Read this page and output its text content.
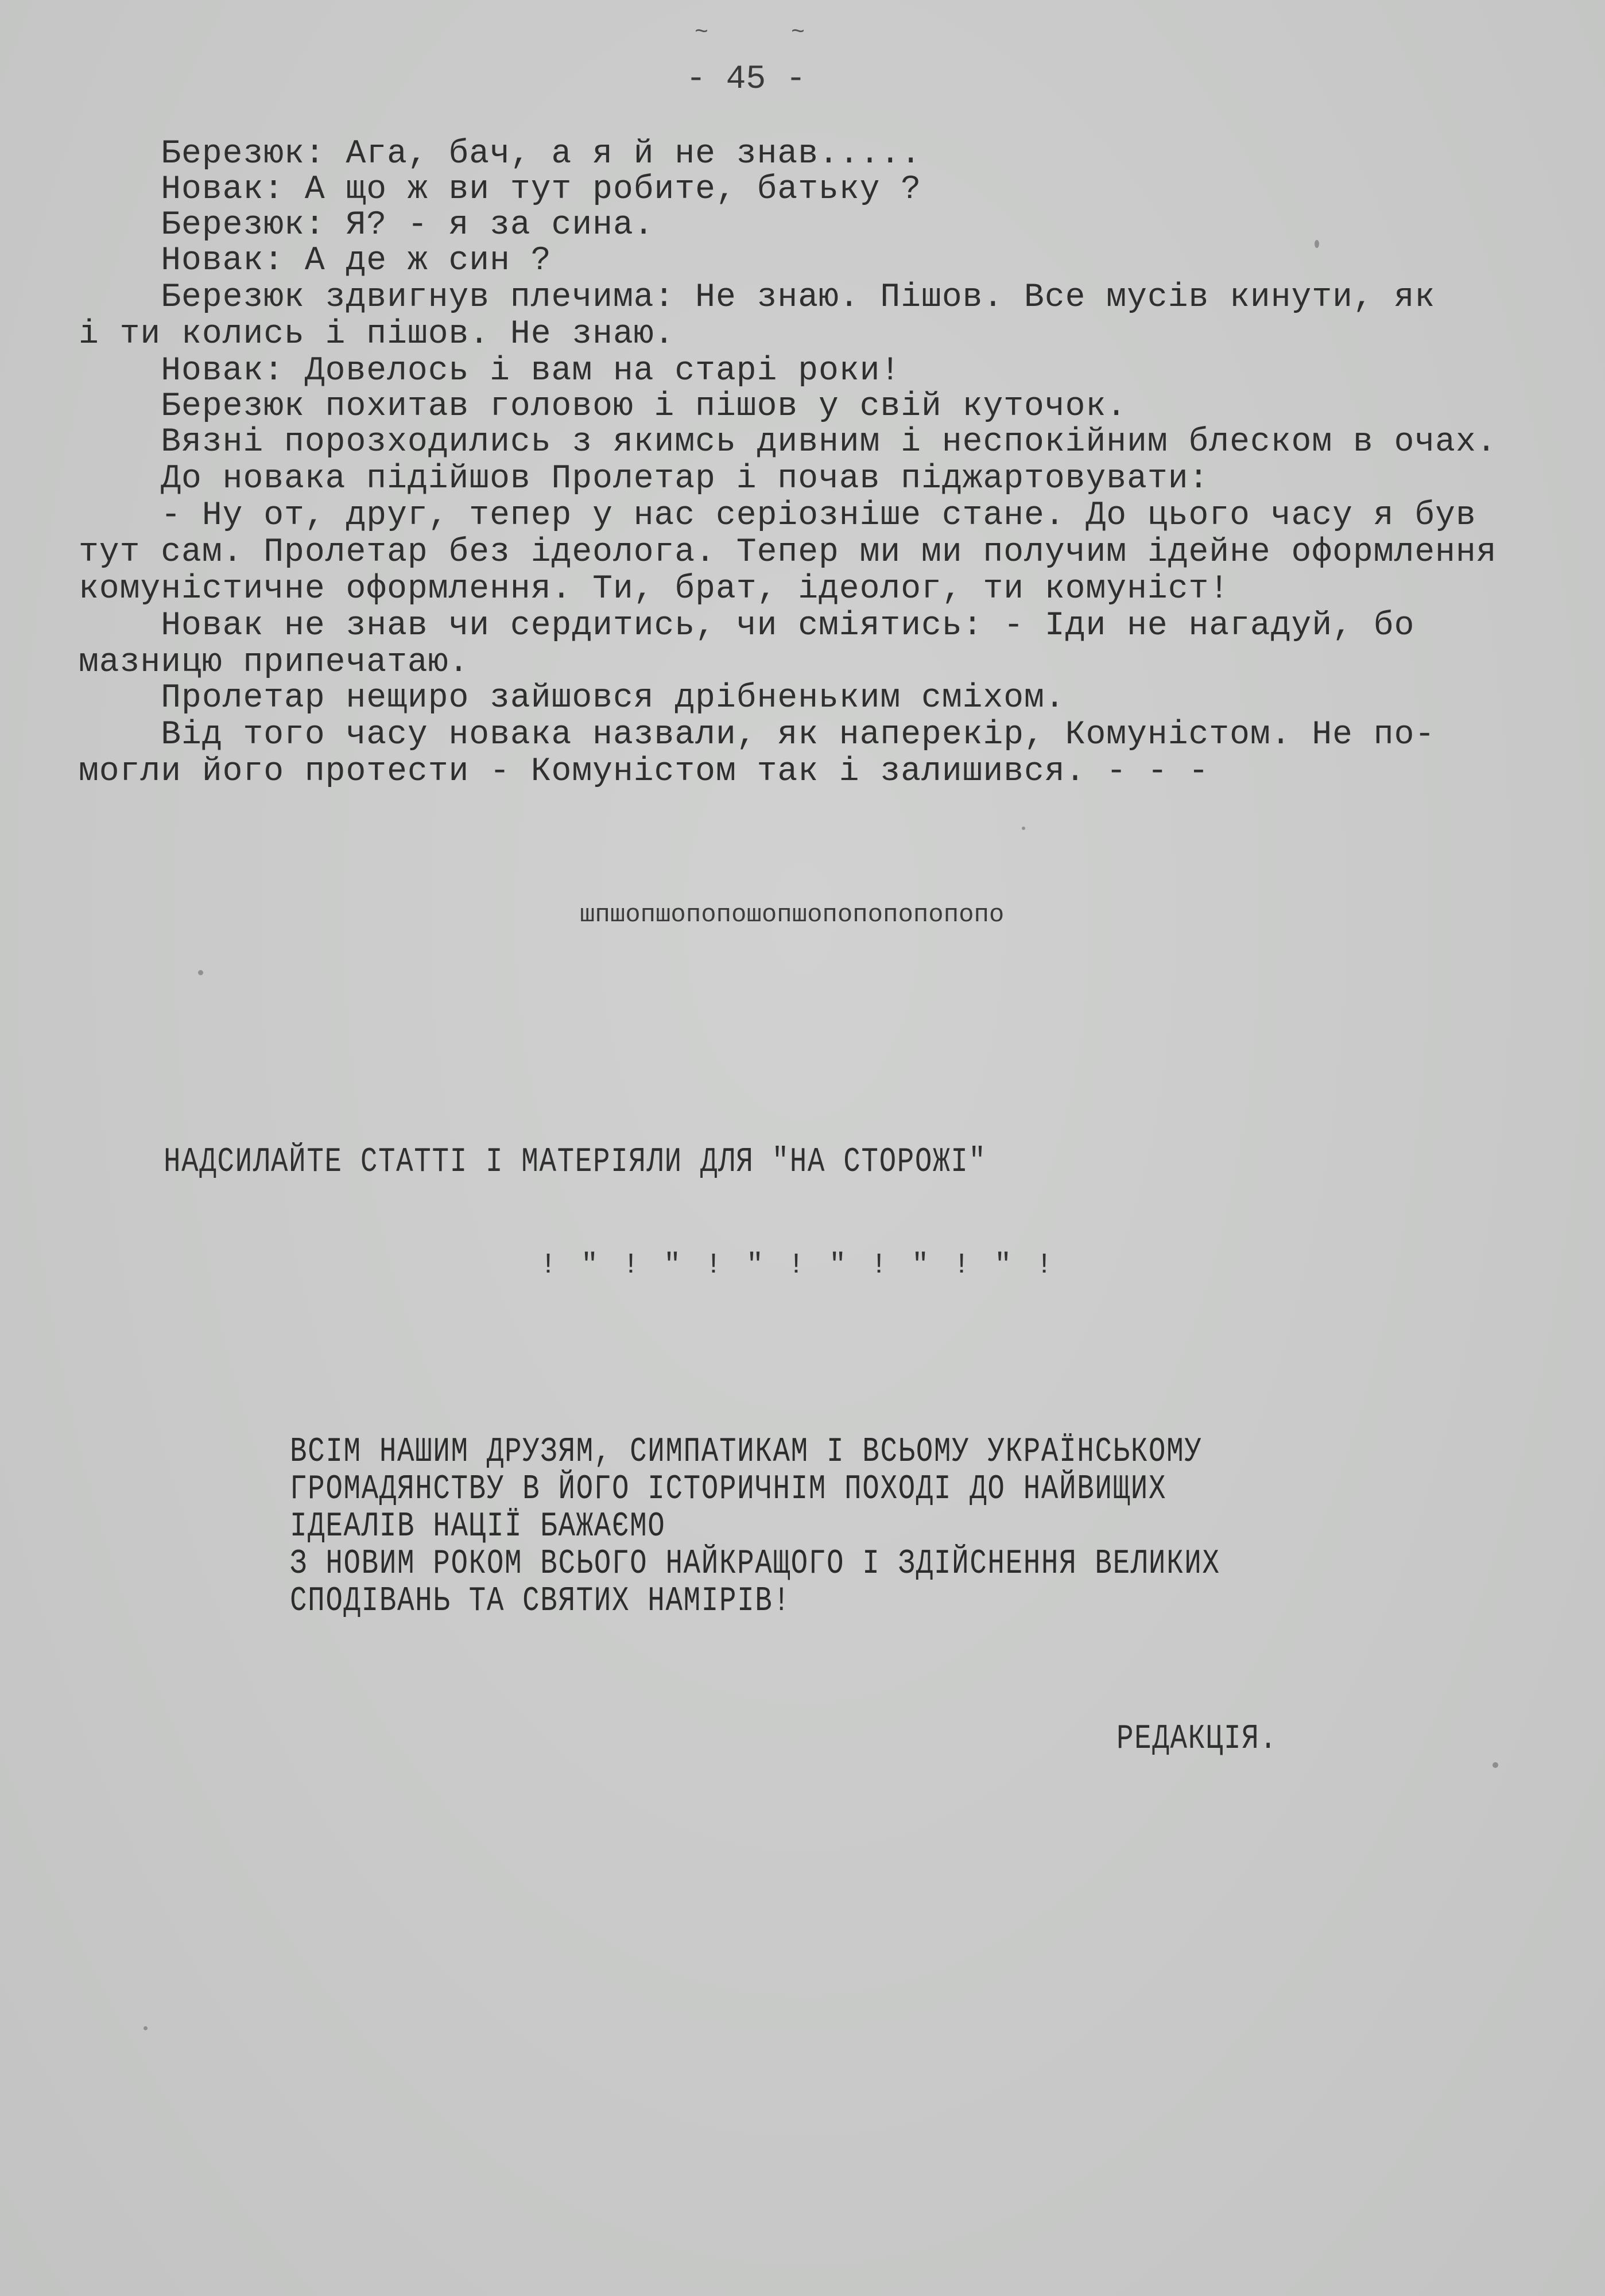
~ ~
- 45 -
Березюк: Ага, бач, а я й не знав.....
Новак: А що ж ви тут робите, батьку ?
Березюк: Я? - я за сина.
Новак: А де ж син ?
Березюк здвигнув плечима: Не знаю. Пішов. Все мусів кинути, як
і ти колись і пішов. Не знаю.
Новак: Довелось і вам на старі роки!
Березюк похитав головою і пішов у свій куточок.
Вязні порозходились з якимсь дивним і неспокійним блеском в очах.
До новака підійшов Пролетар і почав піджартовувати:
- Ну от, друг, тепер у нас серіозніше стане. До цього часу я був
тут сам. Пролетар без ідеолога. Тепер ми ми получим ідейне оформлення
комуністичне оформлення. Ти, брат, ідеолог, ти комуніст!
Новак не знав чи сердитись, чи сміятись: - Іди не нагадуй, бо
мазницю припечатаю.
Пролетар нещиро зайшовся дрібненьким сміхом.
Від того часу новака назвали, як наперекір, Комуністом. Не по-
могли його протести - Комуністом так і залишився. - - -
шпшопшопопошопшопопопопопопо
НАДСИЛАЙТЕ СТАТТІ І МАТЕРІЯЛИ ДЛЯ "НА СТОРОЖІ"
! " ! " ! " ! " ! " ! " !
ВСІМ НАШИМ ДРУЗЯМ, СИМПАТИКАМ І ВСЬОМУ УКРАЇНСЬКОМУ
ГРОМАДЯНСТВУ В ЙОГО ІСТОРИЧНІМ ПОХОДІ ДО НАЙВИЩИХ
ІДЕАЛІВ НАЦІЇ БАЖАЄМО
З НОВИМ РОКОМ ВСЬОГО НАЙКРАЩОГО І ЗДІЙСНЕННЯ ВЕЛИКИХ
СПОДІВАНЬ ТА СВЯТИХ НАМІРІВ!
РЕДАКЦІЯ.
